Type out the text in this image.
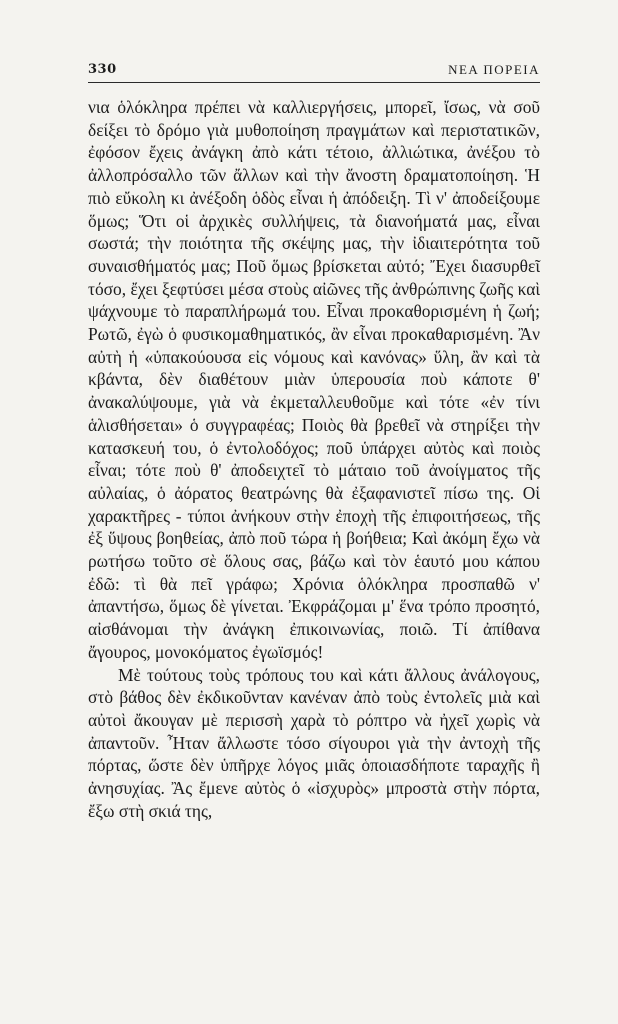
330	ΝΕΑ ΠΟΡΕΙΑ

νια ὁλόκληρα πρέπει νὰ καλλιεργήσεις, μπορεῖ, ἴσως, νὰ σοῦ δείξει τὸ δρόμο γιὰ μυθοποίηση πραγμάτων καὶ περιστατικῶν, ἐφόσον ἔχεις ἀνάγκη ἀπὸ κάτι τέτοιο, ἀλλιώτικα, ἀνέξου τὸ ἀλλοπρόσαλλο τῶν ἄλλων καὶ τὴν ἄνοστη δραματοποίηση. Ἡ πιὸ εὔκολη κι ἀνέξοδη ὁδὸς εἶναι ἡ ἀπόδειξη. Τὶ ν' ἀποδείξουμε ὅμως; Ὅτι οἱ ἀρχικὲς συλλήψεις, τὰ διανοήματά μας, εἶναι σωστά; τὴν ποιότητα τῆς σκέψης μας, τὴν ἰδιαιτερότητα τοῦ συναισθήματός μας; Ποῦ ὅμως βρίσκεται αὐτό; Ἔχει διασυρθεῖ τόσο, ἔχει ξεφτύσει μέσα στοὺς αἰῶνες τῆς ἀνθρώπινης ζωῆς καὶ ψάχνουμε τὸ παραπλήρωμά του. Εἶναι προκαθορισμένη ἡ ζωή; Ρωτῶ, ἐγὼ ὁ φυσικομαθηματικός, ἂν εἶναι προκαθαρισμένη. Ἂν αὐτὴ ἡ «ὑπακούουσα εἰς νόμους καὶ κανόνας» ὕλη, ἂν καὶ τὰ κβάντα, δὲν διαθέτουν μιὰν ὑπερουσία ποὺ κάποτε θ' ἀνακαλύψουμε, γιὰ νὰ ἐκμεταλλευθοῦμε καὶ τότε «ἐν τίνι ἁλισθήσεται» ὁ συγγραφέας; Ποιὸς θὰ βρεθεῖ νὰ στηρίξει τὴν κατασκευή του, ὁ ἐντολοδόχος; ποῦ ὑπάρχει αὐτὸς καὶ ποιὸς εἶναι; τότε ποὺ θ' ἀποδειχτεῖ τὸ μάταιο τοῦ ἀνοίγματος τῆς αὐλαίας, ὁ ἀόρατος θεατρώνης θὰ ἐξαφανιστεῖ πίσω της. Οἱ χαρακτῆρες - τύποι ἀνήκουν στὴν ἐποχὴ τῆς ἐπιφοιτήσεως, τῆς ἐξ ὕψους βοηθείας, ἀπὸ ποῦ τώρα ἡ βοήθεια; Καὶ ἀκόμη ἔχω νὰ ρωτήσω τοῦτο σὲ ὅλους σας, βάζω καὶ τὸν ἑαυτό μου κάπου ἐδῶ: τὶ θὰ πεῖ γράφω; Χρόνια ὁλόκληρα προσπαθῶ ν' ἀπαντήσω, ὅμως δὲ γίνεται. Ἐκφράζομαι μ' ἕνα τρόπο προσητό, αἰσθάνομαι τὴν ἀνάγκη ἐπικοινωνίας, ποιῶ. Τί ἀπίθανα ἄγουρος, μονοκόματος ἐγωϊσμός!

Μὲ τούτους τοὺς τρόπους του καὶ κάτι ἄλλους ἀνάλογους, στὸ βάθος δὲν ἐκδικοῦνταν κανέναν ἀπὸ τοὺς ἐντολεῖς μιὰ καὶ αὐτοὶ ἄκουγαν μὲ περισσὴ χαρὰ τὸ ρόπτρο νὰ ἠχεῖ χωρὶς νὰ ἀπαντοῦν. Ἦταν ἄλλωστε τόσο σίγουροι γιὰ τὴν ἀντοχὴ τῆς πόρτας, ὥστε δὲν ὑπῆρχε λόγος μιᾶς ὁποιασδήποτε ταραχῆς ἢ ἀνησυχίας. Ἂς ἔμενε αὐτὸς ὁ «ἰσχυρὸς» μπροστὰ στὴν πόρτα, ἔξω στὴ σκιά της,
